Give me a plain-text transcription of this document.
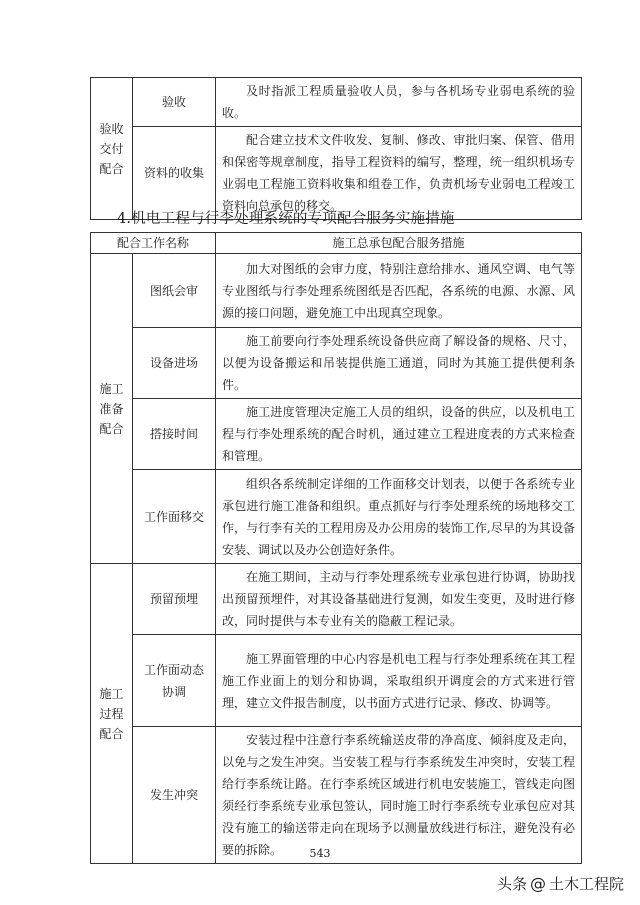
验收交付配合	验收	及时指派工程质量验收人员，参与各机场专业弱电系统的验收。

	资料的收集	配合建立技术文件收发、复制、修改、审批归案、保管、借用和保密等规章制度，指导工程资料的编写，整理，统一组织机场专业弱电工程施工资料收集和组卷工作，负责机场专业弱电工程竣工资料向总承包的移交。
4.机电工程与行李处理系统的专项配合服务实施措施
配合工作名称		施工总承包配合服务措施

施工准备配合	图纸会审	加大对图纸的会审力度，特别注意给排水、通风空调、电气等专业图纸与行李处理系统图纸是否匹配，各系统的电源、水源、风源的接口问题，避免施工中出现真空现象。

	设备进场	施工前要向行李处理系统设备供应商了解设备的规格、尺寸，以便为设备搬运和吊装提供施工通道，同时为其施工提供便利条件。

	搭接时间	施工进度管理决定施工人员的组织，设备的供应，以及机电工程与行李处理系统的配合时机，通过建立工程进度表的方式来检查和管理。

	工作面移交	组织各系统制定详细的工作面移交计划表，以便于各系统专业承包进行施工准备和组织。重点抓好与行李处理系统的场地移交工作，与行李有关的工程用房及办公用房的装饰工作,尽早的为其设备安装、调试以及办公创造好条件。

施工过程配合	预留预埋	在施工期间，主动与行李处理系统专业承包进行协调，协助找出预留预埋件，对其设备基础进行复测，如发生变更，及时进行修改，同时提供与本专业有关的隐蔽工程记录。

	工作面动态协调	施工界面管理的中心内容是机电工程与行李处理系统在其工程施工作业面上的划分和协调，采取组织开调度会的方式来进行管理，建立文件报告制度，以书面方式进行记录、修改、协调等。

	发生冲突	安装过程中注意行李系统输送皮带的净高度、倾斜度及走向，以免与之发生冲突。当安装工程与行李系统发生冲突时，安装工程给行李系统让路。在行李系统区域进行机电安装施工，管线走向图须经行李系统专业承包签认，同时施工时行李系统专业承包应对其没有施工的输送带走向在现场予以测量放线进行标注，避免没有必要的拆除。	543
头条 @ 土木工程院
